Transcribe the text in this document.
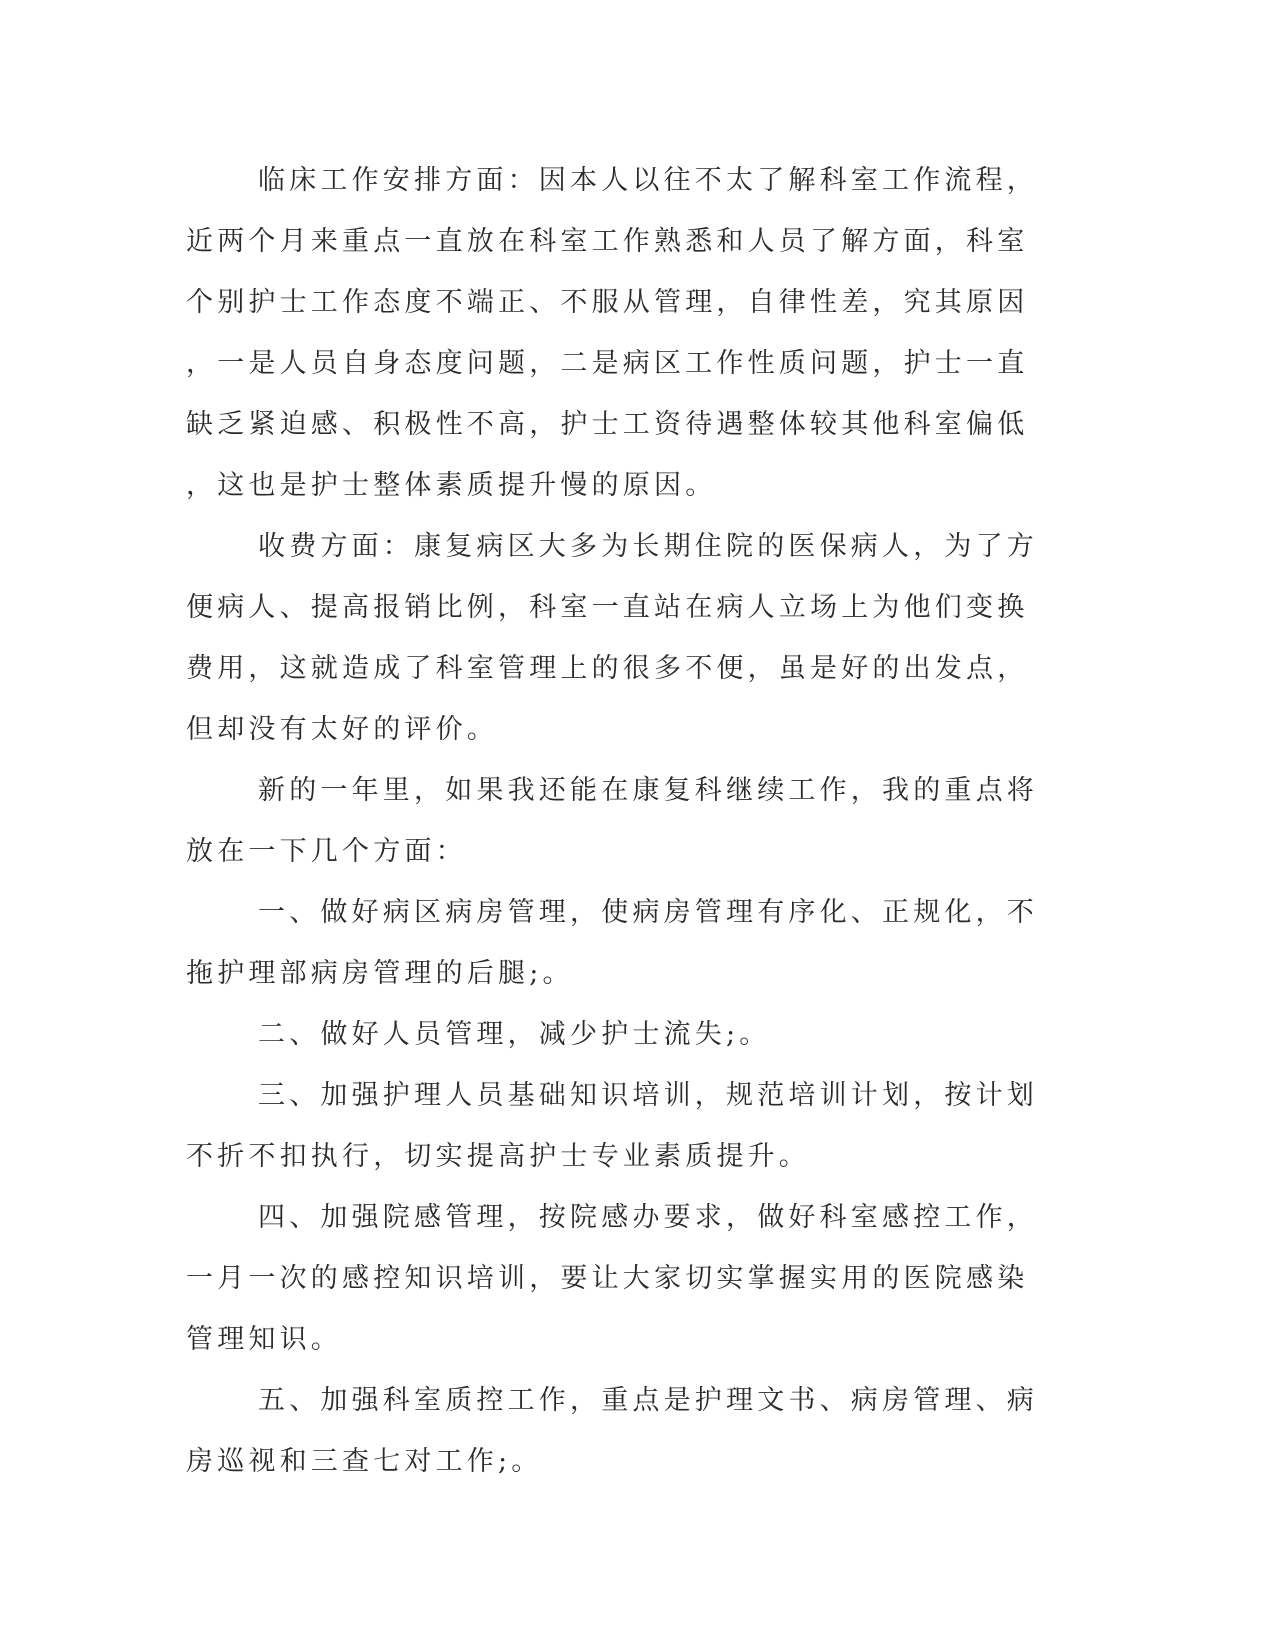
临床工作安排方面：因本人以往不太了解科室工作流程，近两个月来重点一直放在科室工作熟悉和人员了解方面，科室个别护士工作态度不端正、不服从管理，自律性差，究其原因，一是人员自身态度问题，二是病区工作性质问题，护士一直缺乏紧迫感、积极性不高，护士工资待遇整体较其他科室偏低，这也是护士整体素质提升慢的原因。

收费方面：康复病区大多为长期住院的医保病人，为了方便病人、提高报销比例，科室一直站在病人立场上为他们变换费用，这就造成了科室管理上的很多不便，虽是好的出发点，但却没有太好的评价。

新的一年里，如果我还能在康复科继续工作，我的重点将放在一下几个方面：

一、做好病区病房管理，使病房管理有序化、正规化，不拖护理部病房管理的后腿;。

二、做好人员管理，减少护士流失;。

三、加强护理人员基础知识培训，规范培训计划，按计划不折不扣执行，切实提高护士专业素质提升。

四、加强院感管理，按院感办要求，做好科室感控工作，一月一次的感控知识培训，要让大家切实掌握实用的医院感染管理知识。

五、加强科室质控工作，重点是护理文书、病房管理、病房巡视和三查七对工作;。
